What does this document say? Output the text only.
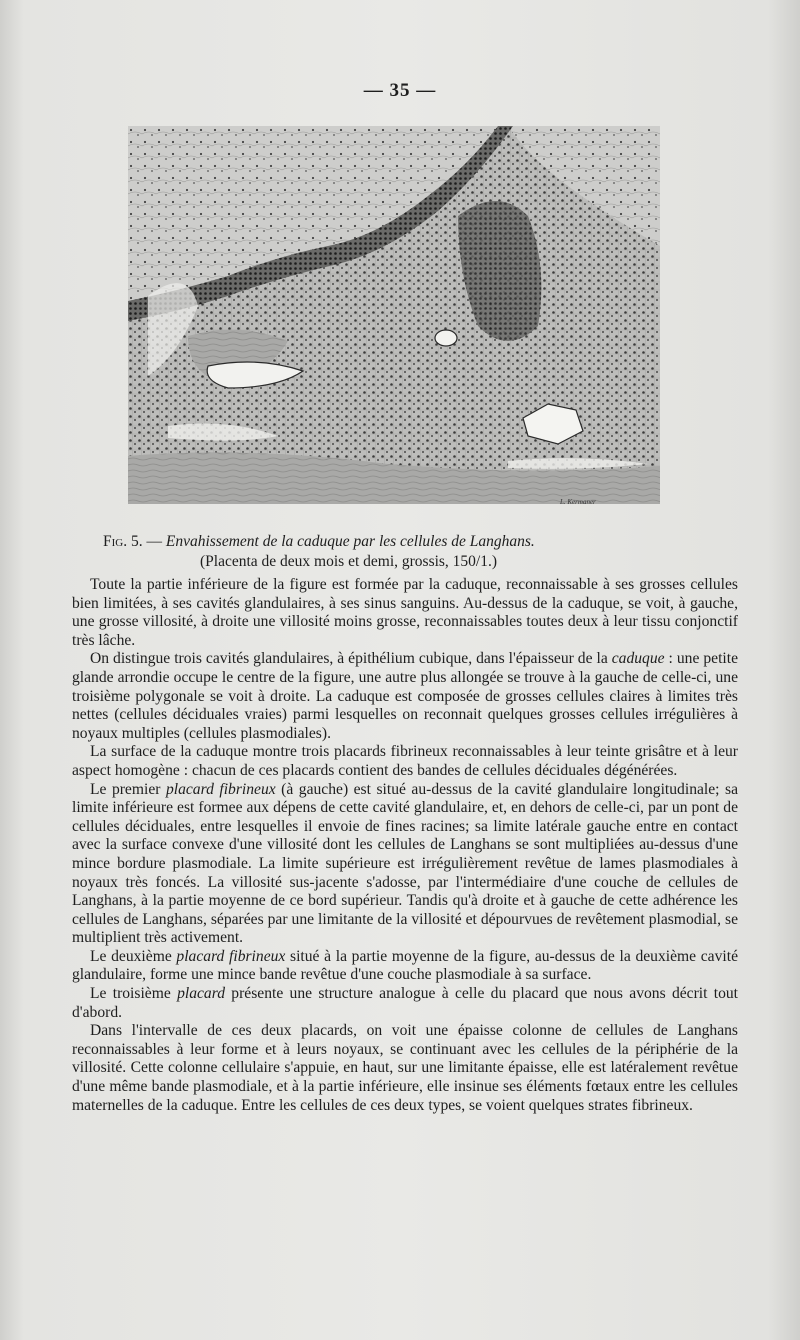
— 35 —
L. Kermaner
Fig. 5. — Envahissement de la caduque par les cellules de Langhans.
(Placenta de deux mois et demi, grossis, 150/1.)

Toute la partie inférieure de la figure est formée par la caduque, reconnaissable à ses grosses cellules bien limitées, à ses cavités glandulaires, à ses sinus sanguins. Au-dessus de la caduque, se voit, à gauche, une grosse villosité, à droite une villosité moins grosse, reconnaissables toutes deux à leur tissu conjonctif très lâche.

On distingue trois cavités glandulaires, à épithélium cubique, dans l'épaisseur de la caduque : une petite glande arrondie occupe le centre de la figure, une autre plus allongée se trouve à la gauche de celle-ci, une troisième polygonale se voit à droite. La caduque est composée de grosses cellules claires à limites très nettes (cellules déciduales vraies) parmi lesquelles on reconnait quelques grosses cellules irrégulières à noyaux multiples (cellules plasmodiales).

La surface de la caduque montre trois placards fibrineux reconnaissables à leur teinte grisâtre et à leur aspect homogène : chacun de ces placards contient des bandes de cellules déciduales dégénérées.

Le premier placard fibrineux (à gauche) est situé au-dessus de la cavité glandulaire longitudinale; sa limite inférieure est formee aux dépens de cette cavité glandulaire, et, en dehors de celle-ci, par un pont de cellules déciduales, entre lesquelles il envoie de fines racines; sa limite latérale gauche entre en contact avec la surface convexe d'une villosité dont les cellules de Langhans se sont multipliées au-dessus d'une mince bordure plasmodiale. La limite supérieure est irrégulièrement revêtue de lames plasmodiales à noyaux très foncés. La villosité sus-jacente s'adosse, par l'intermédiaire d'une couche de cellules de Langhans, à la partie moyenne de ce bord supérieur. Tandis qu'à droite et à gauche de cette adhérence les cellules de Langhans, séparées par une limitante de la villosité et dépourvues de revêtement plasmodial, se multiplient très activement.

Le deuxième placard fibrineux situé à la partie moyenne de la figure, au-dessus de la deuxième cavité glandulaire, forme une mince bande revêtue d'une couche plasmodiale à sa surface.

Le troisième placard présente une structure analogue à celle du placard que nous avons décrit tout d'abord.

Dans l'intervalle de ces deux placards, on voit une épaisse colonne de cellules de Langhans reconnaissables à leur forme et à leurs noyaux, se continuant avec les cellules de la périphérie de la villosité. Cette colonne cellulaire s'appuie, en haut, sur une limitante épaisse, elle est latéralement revêtue d'une même bande plasmodiale, et à la partie inférieure, elle insinue ses éléments fœtaux entre les cellules maternelles de la caduque. Entre les cellules de ces deux types, se voient quelques strates fibrineux.
